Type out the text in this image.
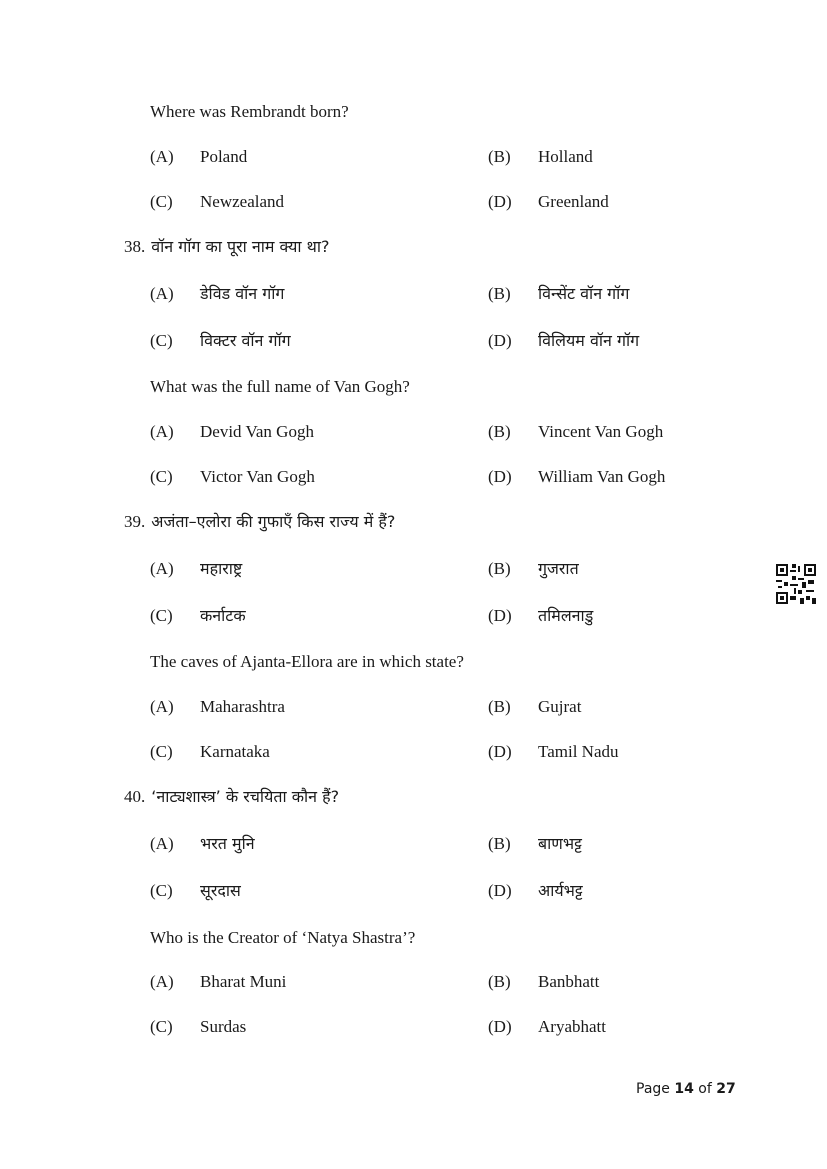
Where was Rembrandt born?
(A) Poland	(B) Holland
(C) Newzealand	(D) Greenland
38. वॉन गॉग का पूरा नाम क्या था?
(A) डेविड वॉन गॉग	(B) विन्सेंट वॉन गॉग
(C) विक्टर वॉन गॉग	(D) विलियम वॉन गॉग
What was the full name of Van Gogh?
(A) Devid Van Gogh	(B) Vincent Van Gogh
(C) Victor Van Gogh	(D) William Van Gogh
39. अजंता–एलोरा की गुफाएँ किस राज्य में हैं?
(A) महाराष्ट्र	(B) गुजरात
(C) कर्नाटक	(D) तमिलनाडु
The caves of Ajanta-Ellora are in which state?
(A) Maharashtra	(B) Gujrat
(C) Karnataka	(D) Tamil Nadu
40. ‘नाट्यशास्त्र’ के रचयिता कौन हैं?
(A) भरत मुनि	(B) बाणभट्ट
(C) सूरदास	(D) आर्यभट्ट
Who is the Creator of ‘Natya Shastra’?
(A) Bharat Muni	(B) Banbhatt
(C) Surdas	(D) Aryabhatt
Page 14 of 27
